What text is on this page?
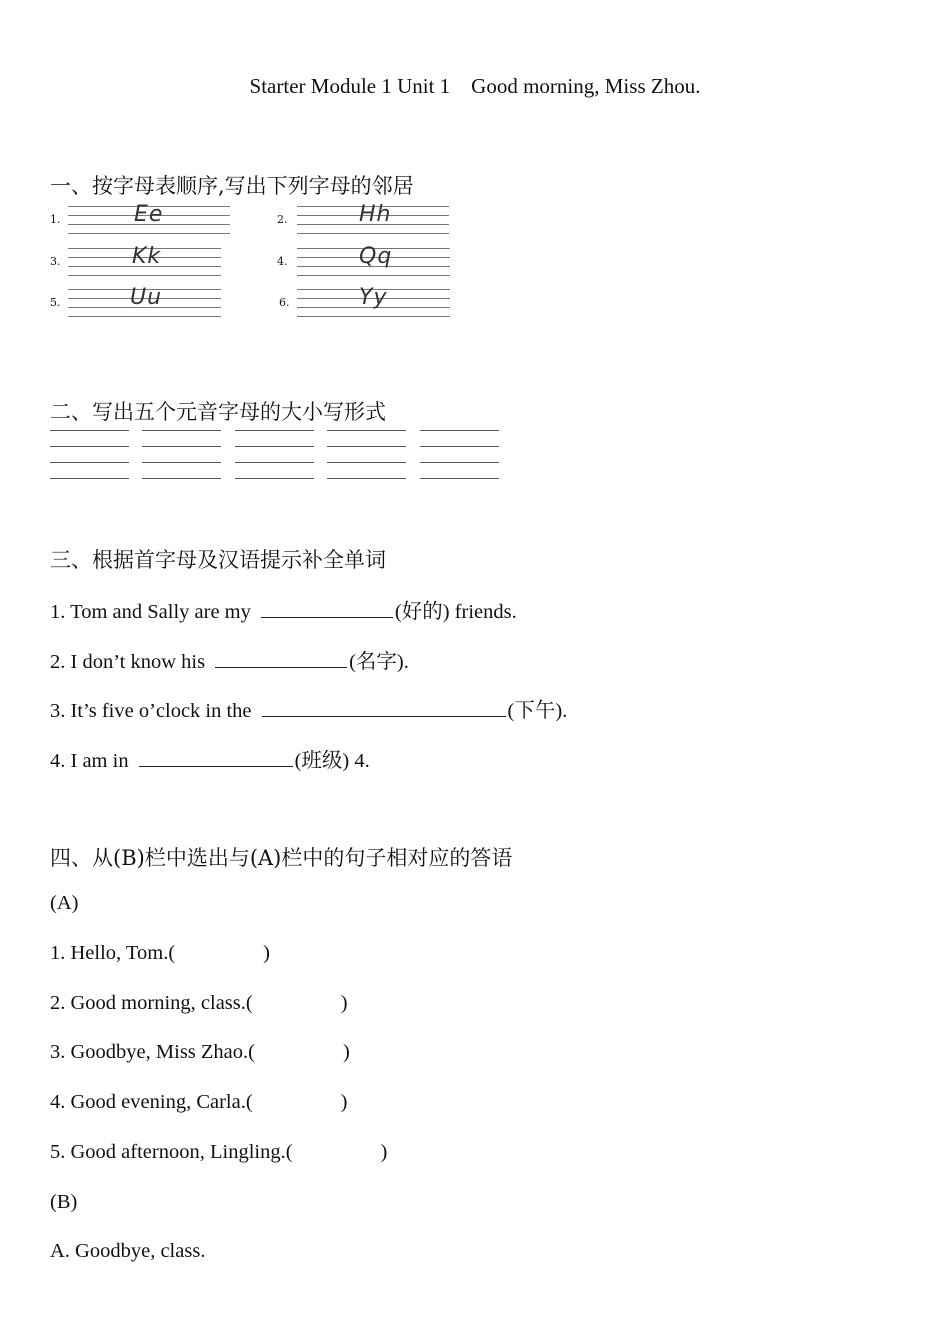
Starter Module 1 Unit 1　Good morning, Miss Zhou.
一、按字母表顺序,写出下列字母的邻居
1.	Ee	2.	Hh
3.	Kk	4.	Qq
5.	Uu	6.	Yy
二、写出五个元音字母的大小写形式
三、根据首字母及汉语提示补全单词
1. Tom and Sally are my	(好的) friends.
2. I don’t know his	(名字).
3. It’s five o’clock in the	(下午).
4. I am in	(班级) 4.
四、从(B)栏中选出与(A)栏中的句子相对应的答语
(A)
1. Hello, Tom.(	)
2. Good morning, class.(	)
3. Goodbye, Miss Zhao.(	)
4. Good evening, Carla.(	)
5. Good afternoon, Lingling.(	)
(B)
A. Goodbye, class.
